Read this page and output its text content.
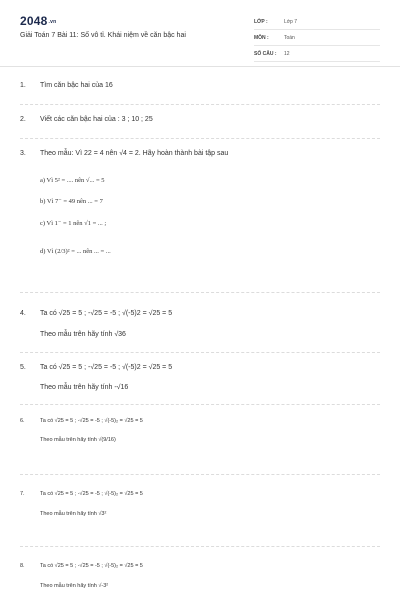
2048.vn
Giải Toán 7 Bài 11: Số vô tỉ. Khái niệm về căn bậc hai
LỚP :	Lớp 7
MÔN :	Toán
SỐ CÂU :	12
1.	Tìm căn bậc hai của 16
2.	Viết các căn bậc hai của : 3 ; 10 ; 25
3.	Theo mẫu: Vì 22 = 4 nên √4 = 2. Hãy hoàn thành bài tập sau
a) Vì 5² = .... nên √... = 5
b) Vì 7⁻ = 49 nên ... = 7
c) Vì 1⁻ = 1 nên √1 = ... ;
d) Vì (2/3)² = ... nên ... = ...
4.	Ta có √25 = 5 ; -√25 = -5 ; √(-5)2 = √25 = 5
Theo mẫu trên hãy tính √36
5.	Ta có √25 = 5 ; -√25 = -5 ; √(-5)2 = √25 = 5
Theo mẫu trên hãy tính -√16
6.	Ta có √25 = 5 ; -√25 = -5 ; √(-5)₂ = √25 = 5
Theo mẫu trên hãy tính √(9/16)
7.	Ta có √25 = 5 ; -√25 = -5 ; √(-5)₂ = √25 = 5
Theo mẫu trên hãy tính √3²
8.	Ta có √25 = 5 ; -√25 = -5 ; √(-5)₂ = √25 = 5
Theo mẫu trên hãy tính √-3²
